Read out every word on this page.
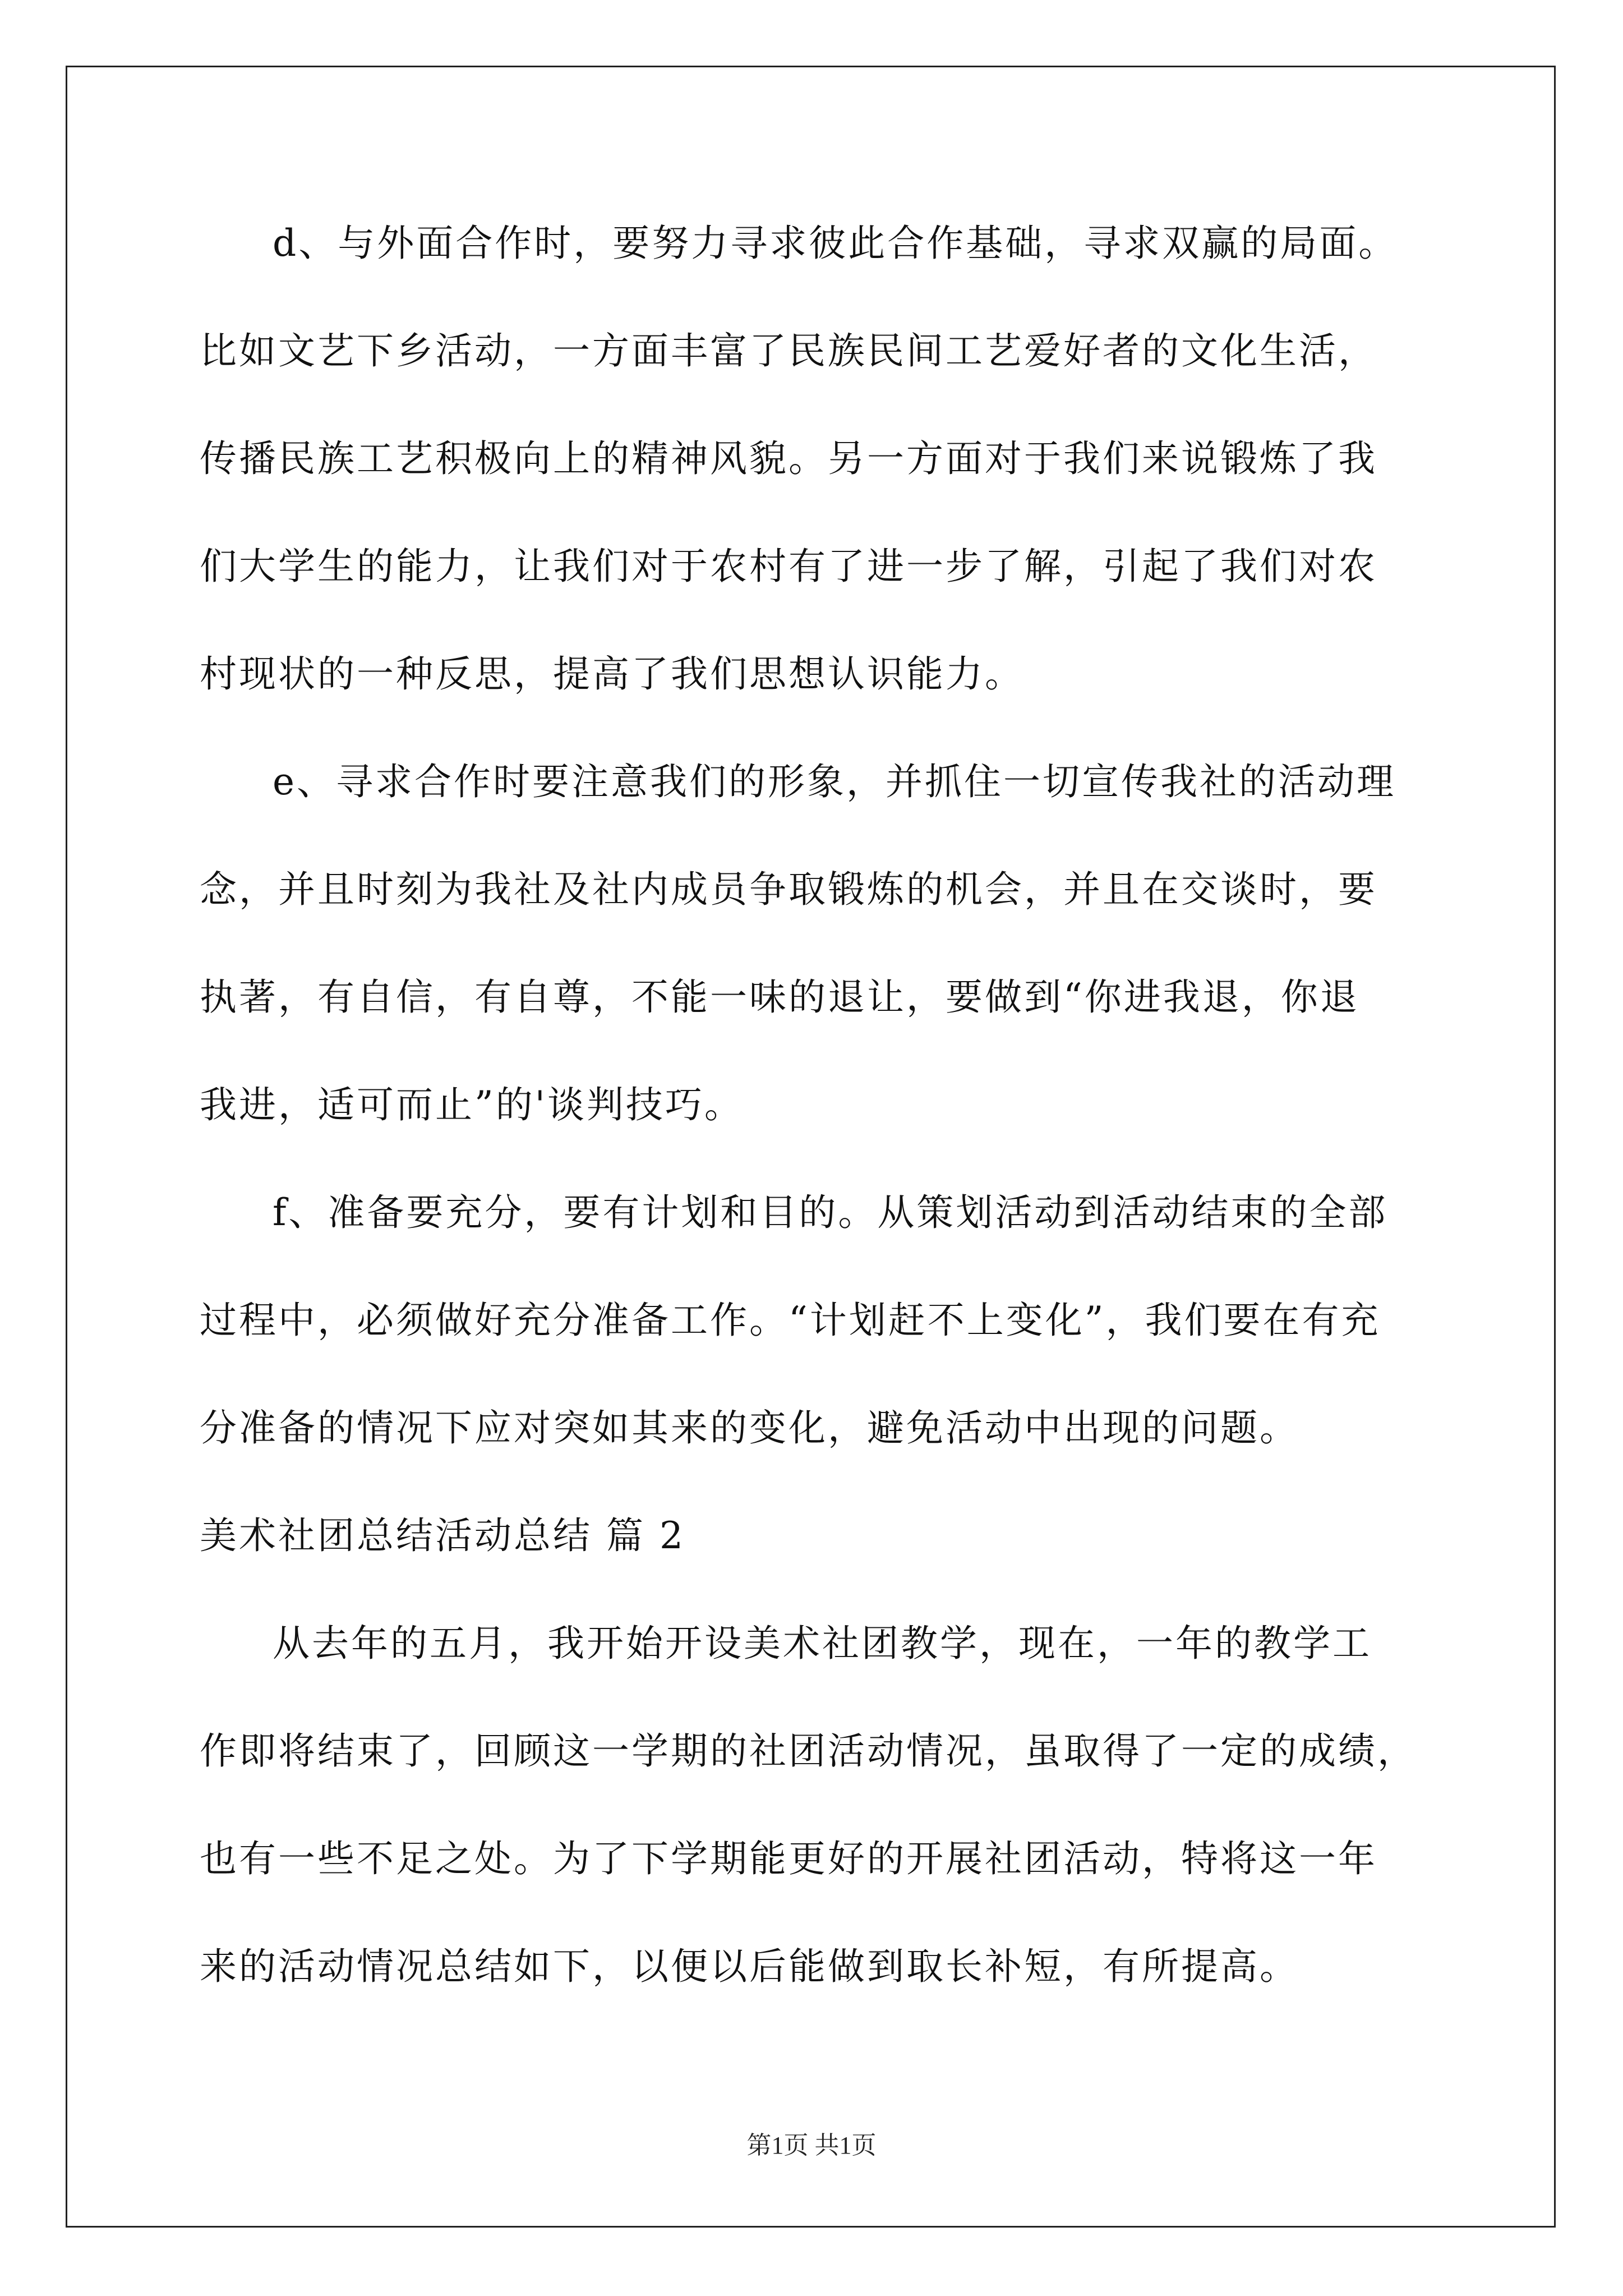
d、与外面合作时，要努力寻求彼此合作基础，寻求双赢的局面。
比如文艺下乡活动，一方面丰富了民族民间工艺爱好者的文化生活，
传播民族工艺积极向上的精神风貌。另一方面对于我们来说锻炼了我
们大学生的能力，让我们对于农村有了进一步了解，引起了我们对农
村现状的一种反思，提高了我们思想认识能力。
e、寻求合作时要注意我们的形象，并抓住一切宣传我社的活动理
念，并且时刻为我社及社内成员争取锻炼的机会，并且在交谈时，要
执著，有自信，有自尊，不能一味的退让，要做到“你进我退，你退
我进，适可而止”的'谈判技巧。
f、准备要充分，要有计划和目的。从策划活动到活动结束的全部
过程中，必须做好充分准备工作。“计划赶不上变化”，我们要在有充
分准备的情况下应对突如其来的变化，避免活动中出现的问题。
美术社团总结活动总结 篇 2
从去年的五月，我开始开设美术社团教学，现在，一年的教学工
作即将结束了，回顾这一学期的社团活动情况，虽取得了一定的成绩，
也有一些不足之处。为了下学期能更好的开展社团活动，特将这一年
来的活动情况总结如下，以便以后能做到取长补短，有所提高。
第1页 共1页
